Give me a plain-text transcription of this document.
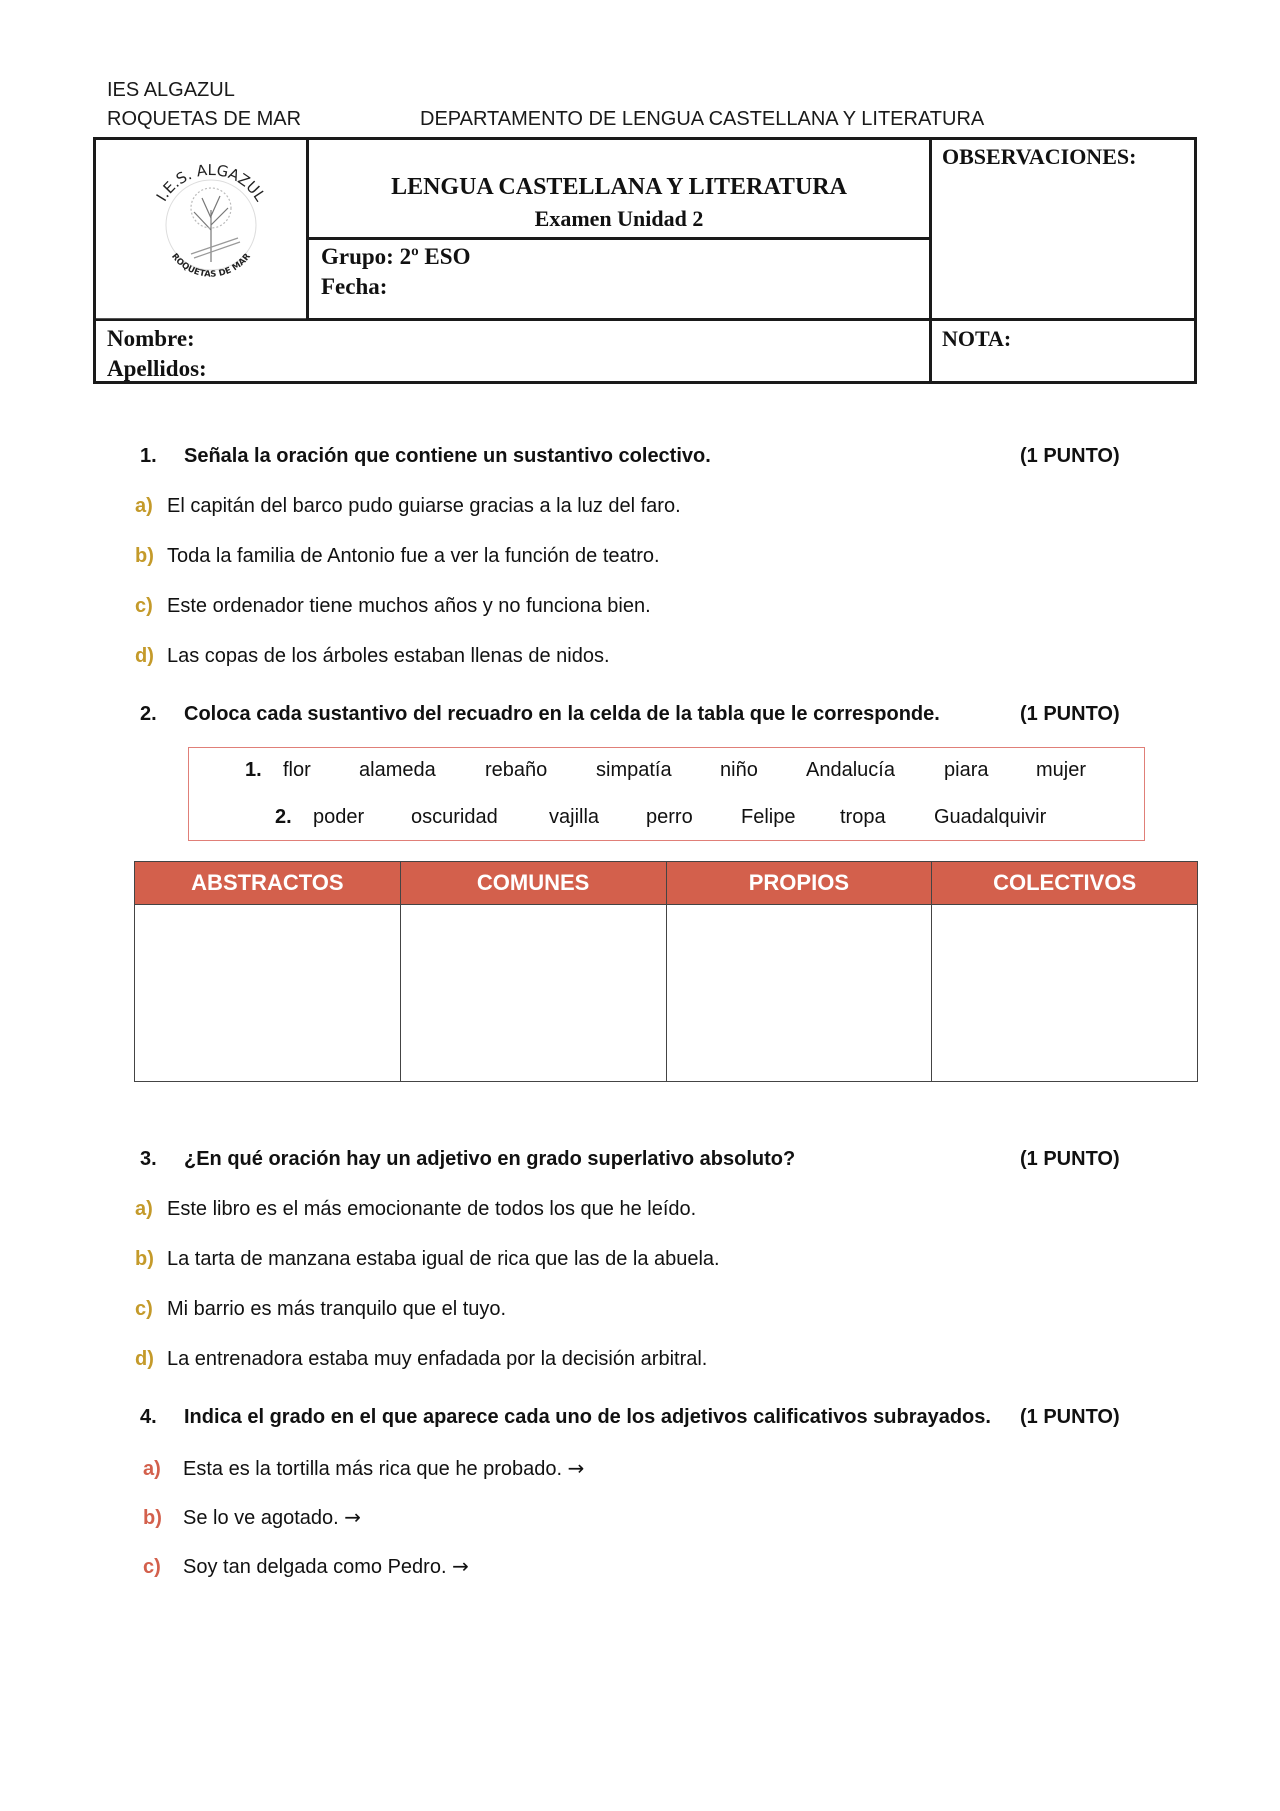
IES ALGAZUL
ROQUETAS DE MAR	DEPARTAMENTO DE LENGUA CASTELLANA Y LITERATURA
I.E.S. ALGAZUL
ROQUETAS DE MAR
LENGUA CASTELLANA Y LITERATURA
Examen Unidad 2
Grupo: 2º ESO
Fecha:
OBSERVACIONES:
Nombre:
Apellidos:
NOTA:
1. Señala la oración que contiene un sustantivo colectivo.	(1 PUNTO)
a) El capitán del barco pudo guiarse gracias a la luz del faro.
b) Toda la familia de Antonio fue a ver la función de teatro.
c) Este ordenador tiene muchos años y no funciona bien.
d) Las copas de los árboles estaban llenas de nidos.
2. Coloca cada sustantivo del recuadro en la celda de la tabla que le corresponde.	(1 PUNTO)
1. flor alameda rebaño simpatía niño Andalucía piara mujer
2. poder oscuridad	vajilla perro Felipe tropa Guadalquivir
ABSTRACTOS	COMUNES	PROPIOS	COLECTIVOS

3. ¿En qué oración hay un adjetivo en grado superlativo absoluto?	(1 PUNTO)
a) Este libro es el más emocionante de todos los que he leído.
b) La tarta de manzana estaba igual de rica que las de la abuela.
c) Mi barrio es más tranquilo que el tuyo.
d) La entrenadora estaba muy enfadada por la decisión arbitral.
4. Indica el grado en el que aparece cada uno de los adjetivos calificativos subrayados. (1 PUNTO)
a) Esta es la tortilla más rica que he probado. →
b) Se lo ve agotado. →
c) Soy tan delgada como Pedro. →
